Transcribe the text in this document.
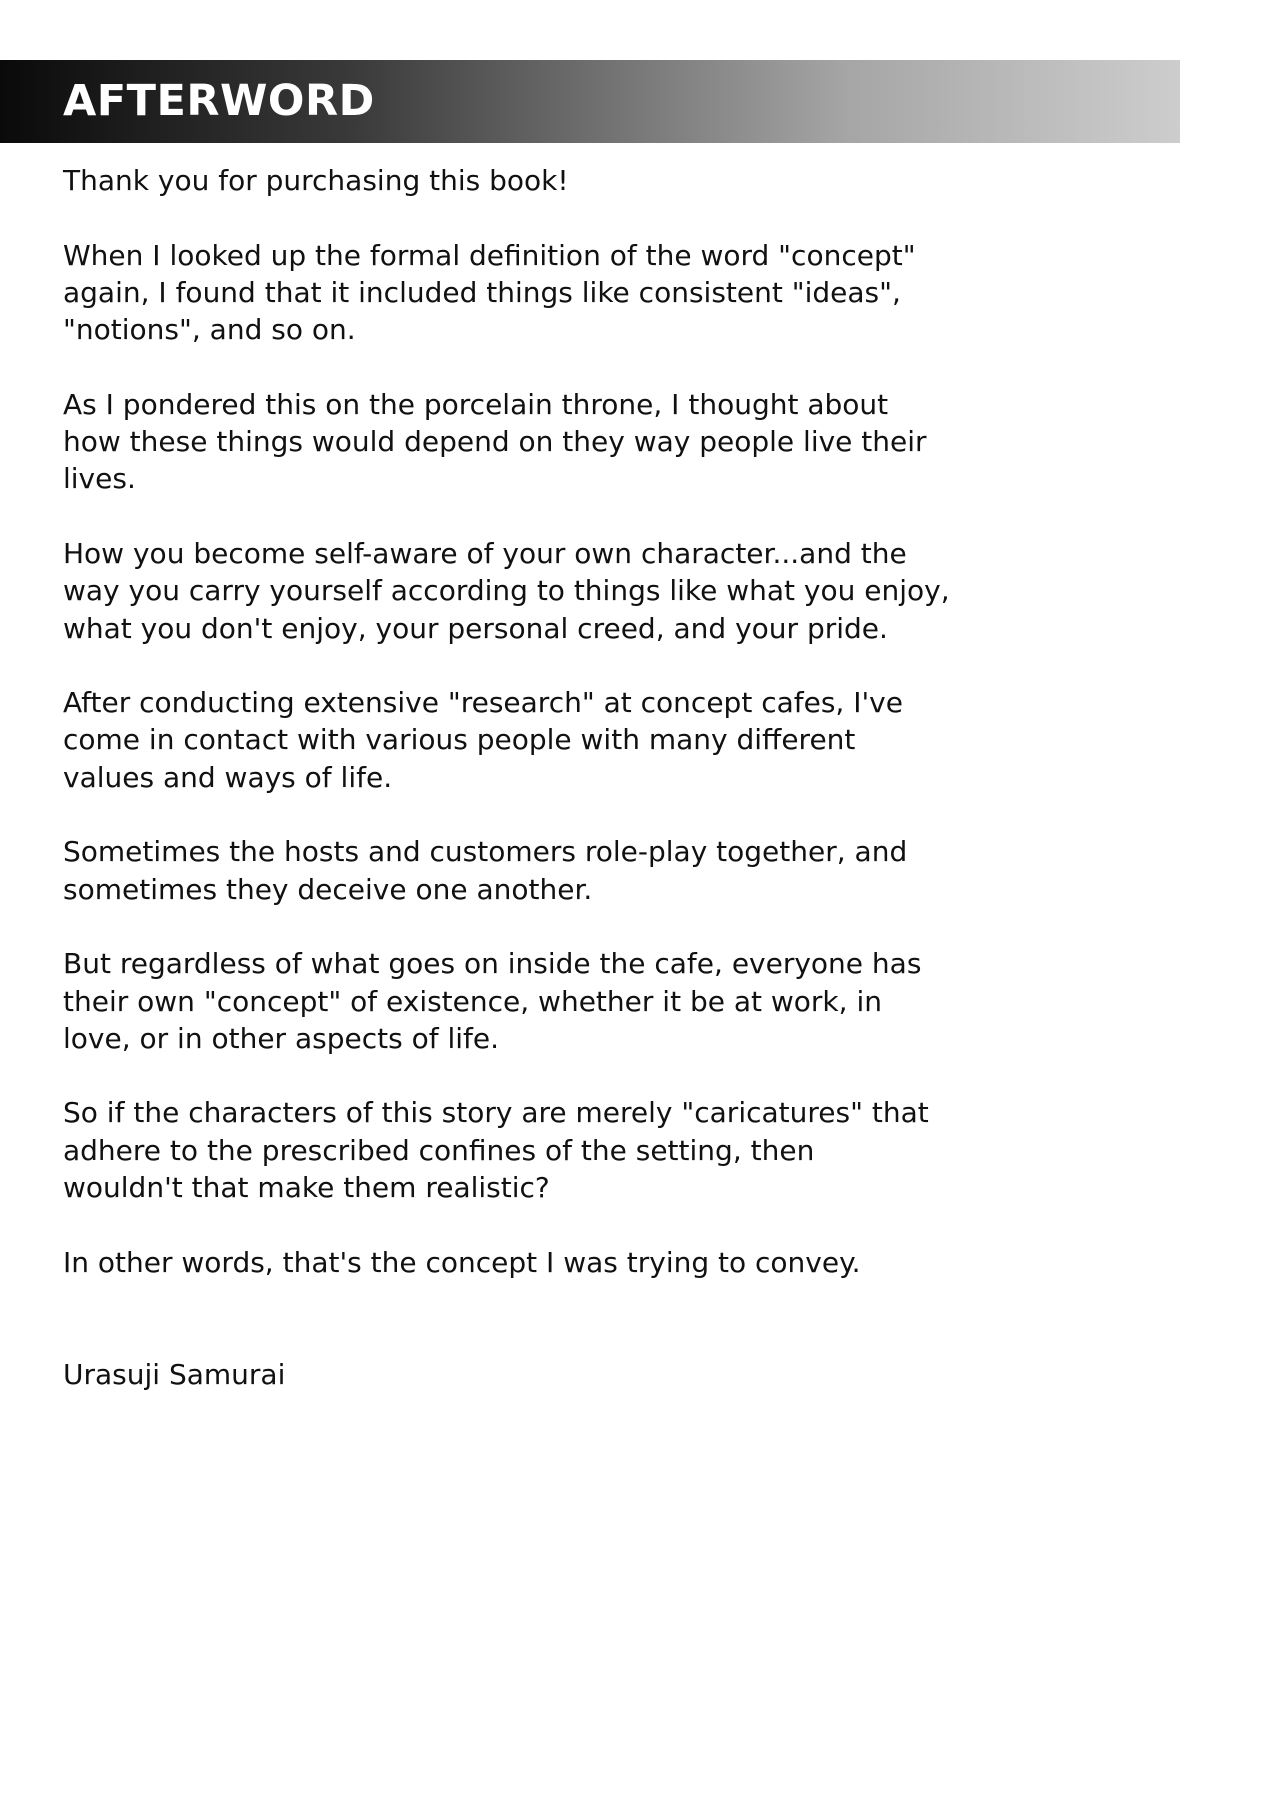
AFTERWORD

Thank you for purchasing this book!

When I looked up the formal definition of the word "concept"
again, I found that it included things like consistent "ideas",
"notions", and so on.

As I pondered this on the porcelain throne, I thought about
how these things would depend on they way people live their
lives.

How you become self-aware of your own character...and the
way you carry yourself according to things like what you enjoy,
what you don't enjoy, your personal creed, and your pride.

After conducting extensive "research" at concept cafes, I've
come in contact with various people with many different
values and ways of life.

Sometimes the hosts and customers role-play together, and
sometimes they deceive one another.

But regardless of what goes on inside the cafe, everyone has
their own "concept" of existence, whether it be at work, in
love, or in other aspects of life.

So if the characters of this story are merely "caricatures" that
adhere to the prescribed confines of the setting, then
wouldn't that make them realistic?

In other words, that's the concept I was trying to convey.

Urasuji Samurai
